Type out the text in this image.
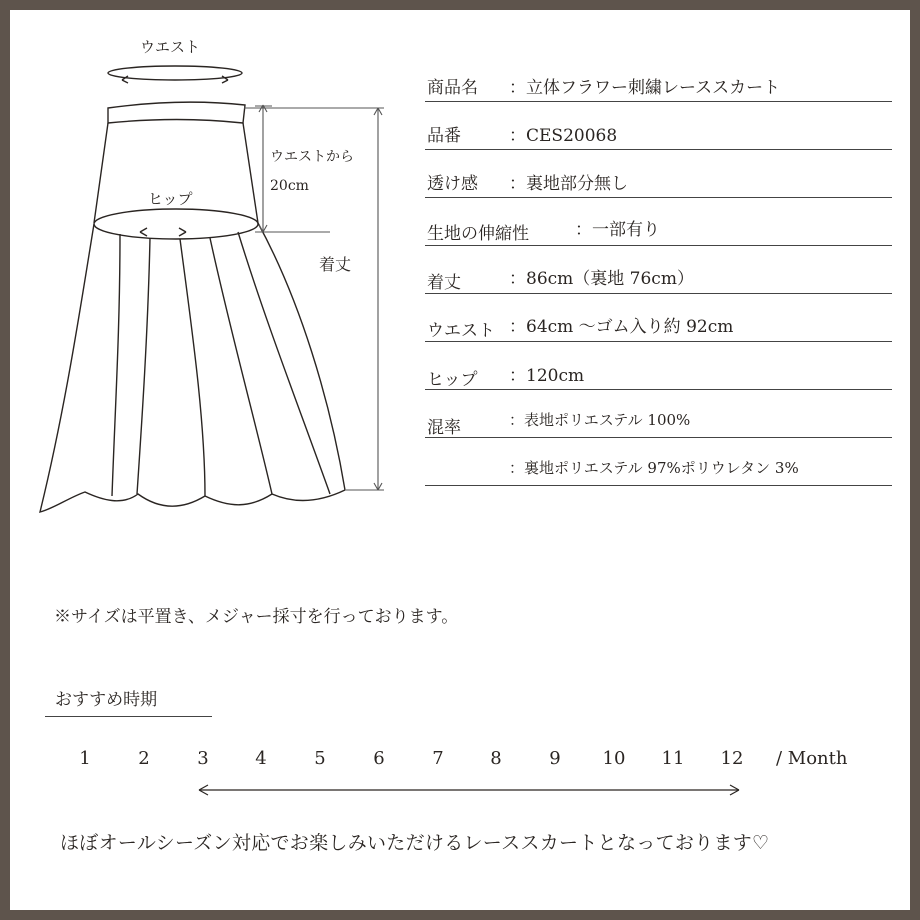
ウエスト
ウエストから
20cm
ヒップ
着丈
商品名 ：立体フラワー刺繍レーススカート
品番	：CES20068
透け感 ：裏地部分無し
生地の伸縮性	：一部有り
着丈	：86cm（裏地 76cm）
ウエスト ：64cm 〜ゴム入り約 92cm
ヒップ ：120cm
混率	：表地ポリエステル 100%
：裏地ポリエステル 97%ポリウレタン 3%
※サイズは平置き、メジャー採寸を行っております。
おすすめ時期
1	2	3	4	5	6	7	8	9	10	11	12	/ Month
ほぼオールシーズン対応でお楽しみいただけるレーススカートとなっております♡
